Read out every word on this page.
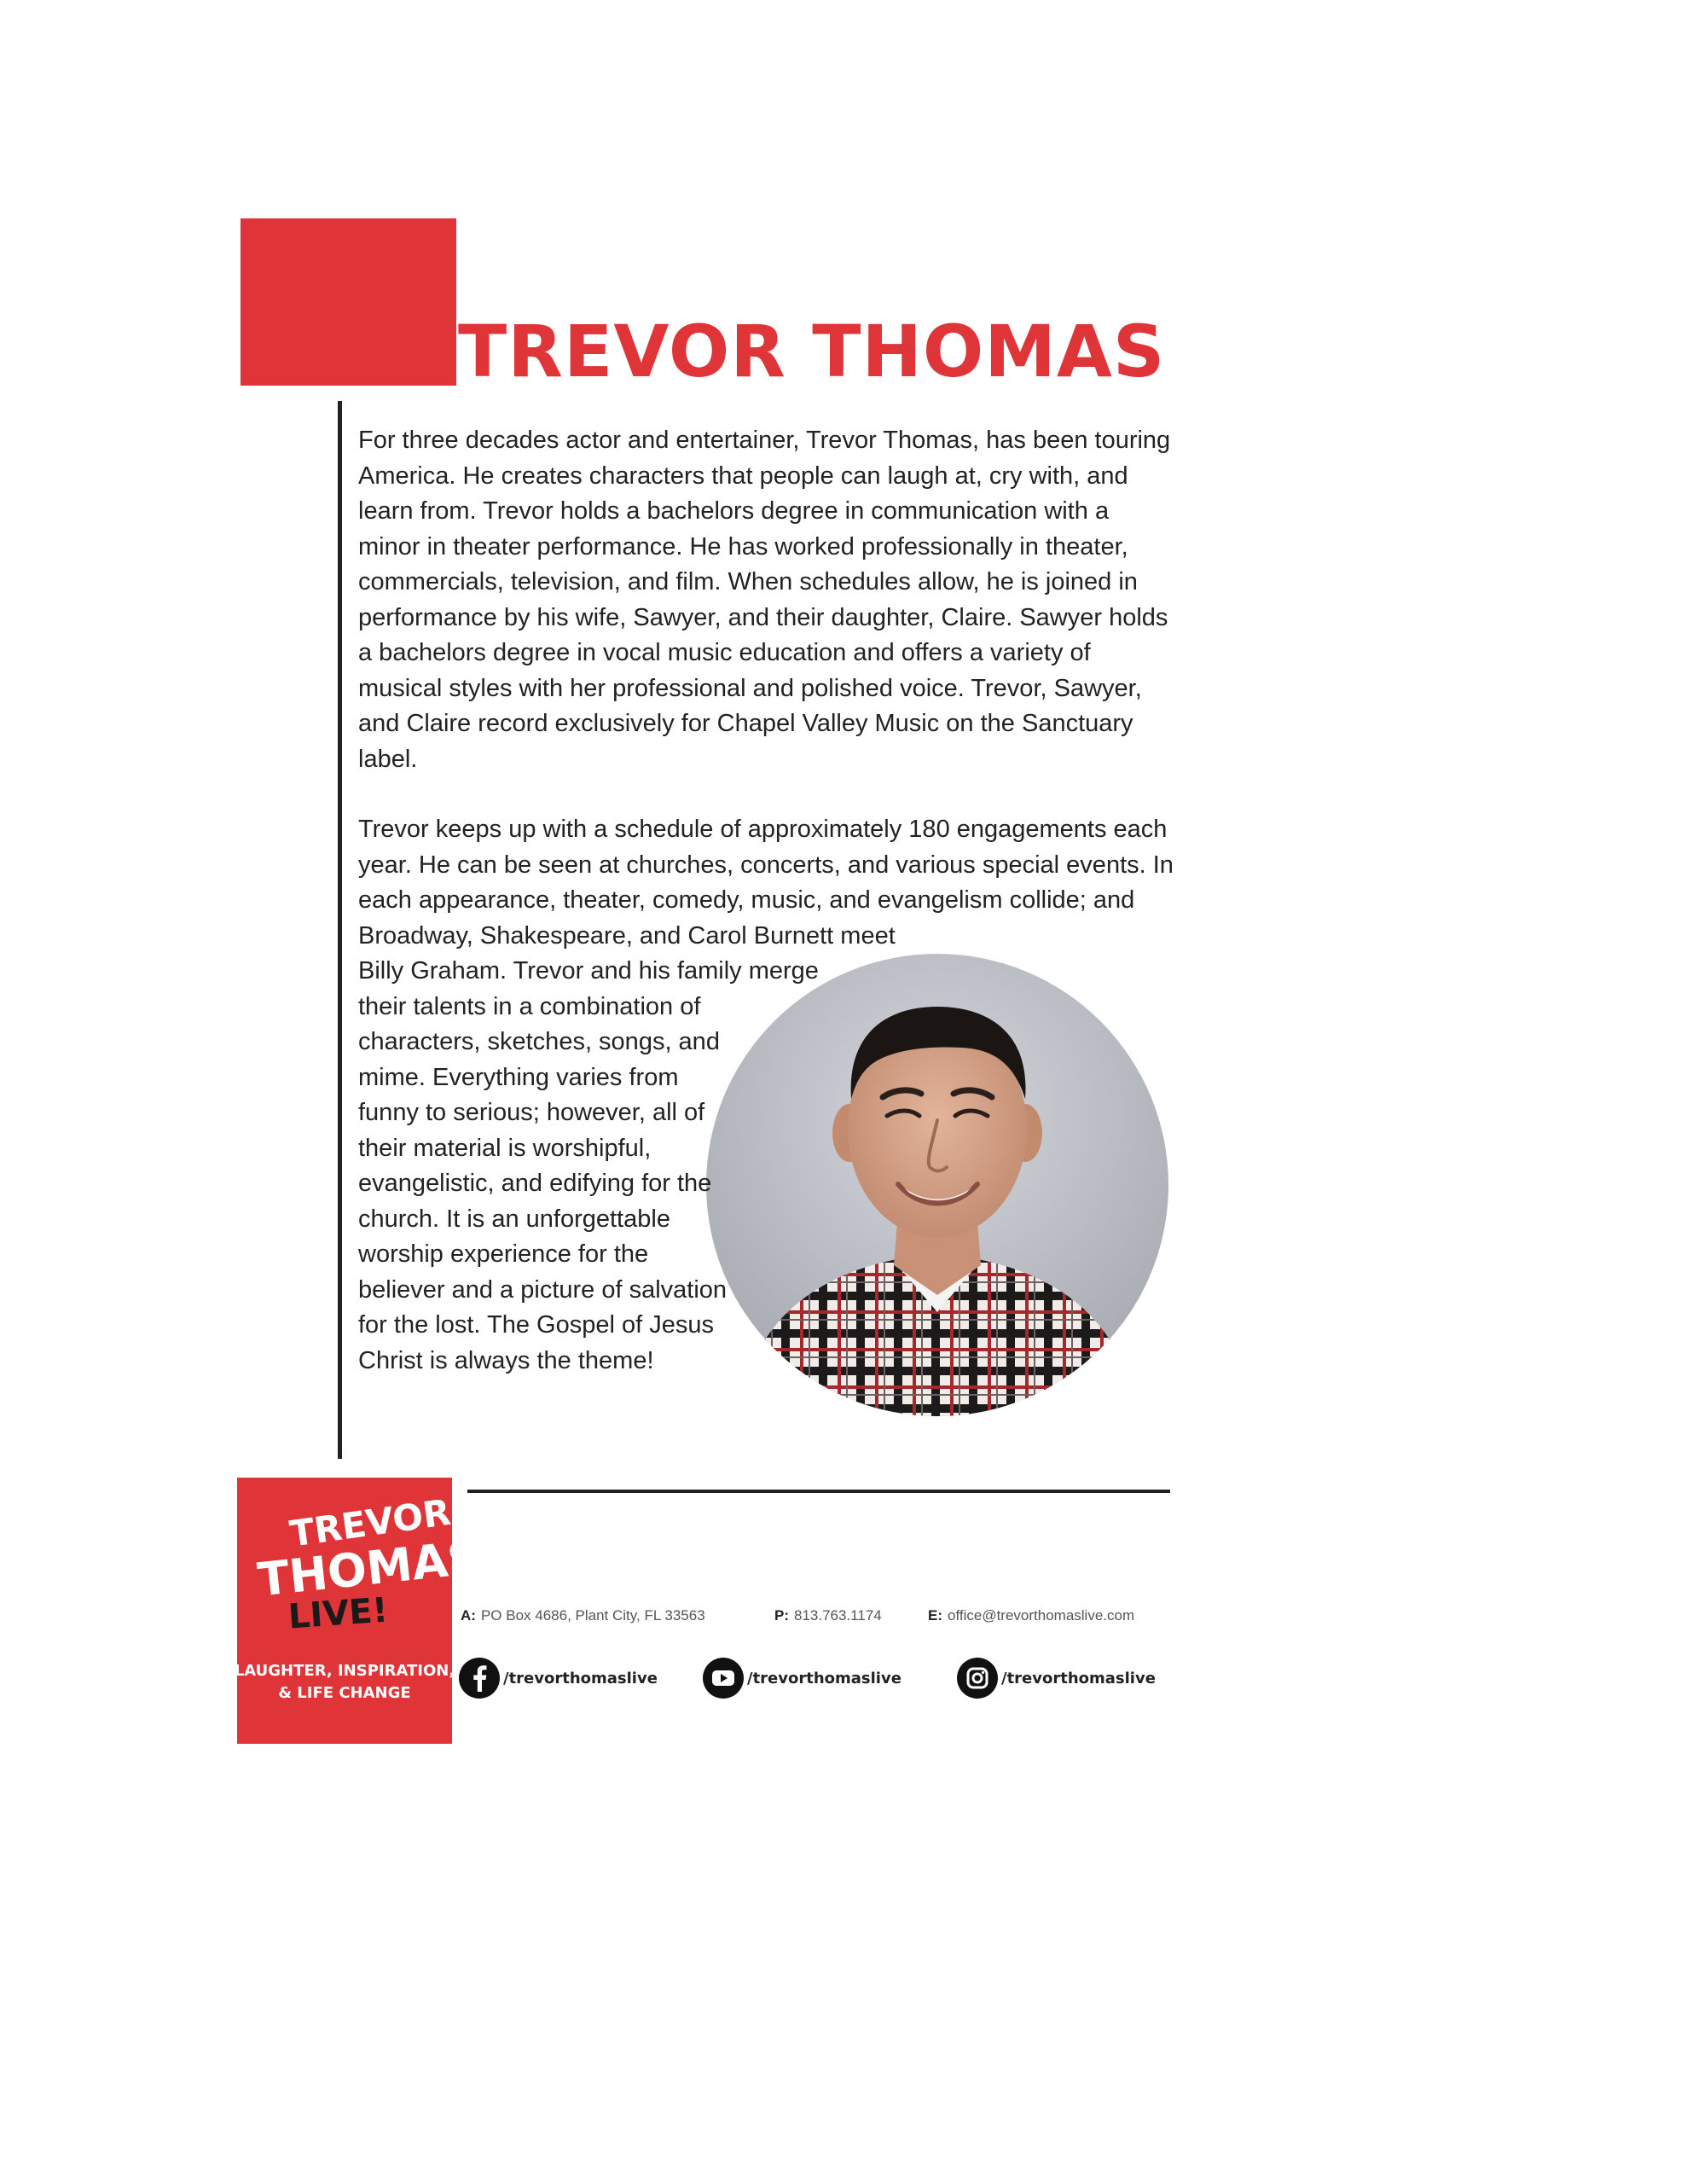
TREVOR THOMAS

For three decades actor and entertainer, Trevor Thomas, has been touring America. He creates characters that people can laugh at, cry with, and learn from. Trevor holds a bachelors degree in communication with a minor in theater performance. He has worked professionally in theater, commercials, television, and film. When schedules allow, he is joined in performance by his wife, Sawyer, and their daughter, Claire. Sawyer holds a bachelors degree in vocal music education and offers a variety of musical styles with her professional and polished voice. Trevor, Sawyer, and Claire record exclusively for Chapel Valley Music on the Sanctuary label.

Trevor keeps up with a schedule of approximately 180 engagements each year. He can be seen at churches, concerts, and various special events. In each appearance, theater, comedy, music, and evangelism collide; and Broadway, Shakespeare, and Carol Burnett meet Billy Graham. Trevor and his family merge their talents in a combination of characters, sketches, songs, and mime. Everything varies from funny to serious; however, all of their material is worshipful, evangelistic, and edifying for the church. It is an unforgettable worship experience for the believer and a picture of salvation for the lost. The Gospel of Jesus Christ is always the theme!

TREVOR
THOMAS
LIVE!
LAUGHTER, INSPIRATION,
& LIFE CHANGE
A: PO Box 4686, Plant City, FL 33563	P: 813.763.1174	E: office@trevorthomaslive.com
/trevorthomaslive	/trevorthomaslive	/trevorthomaslive
